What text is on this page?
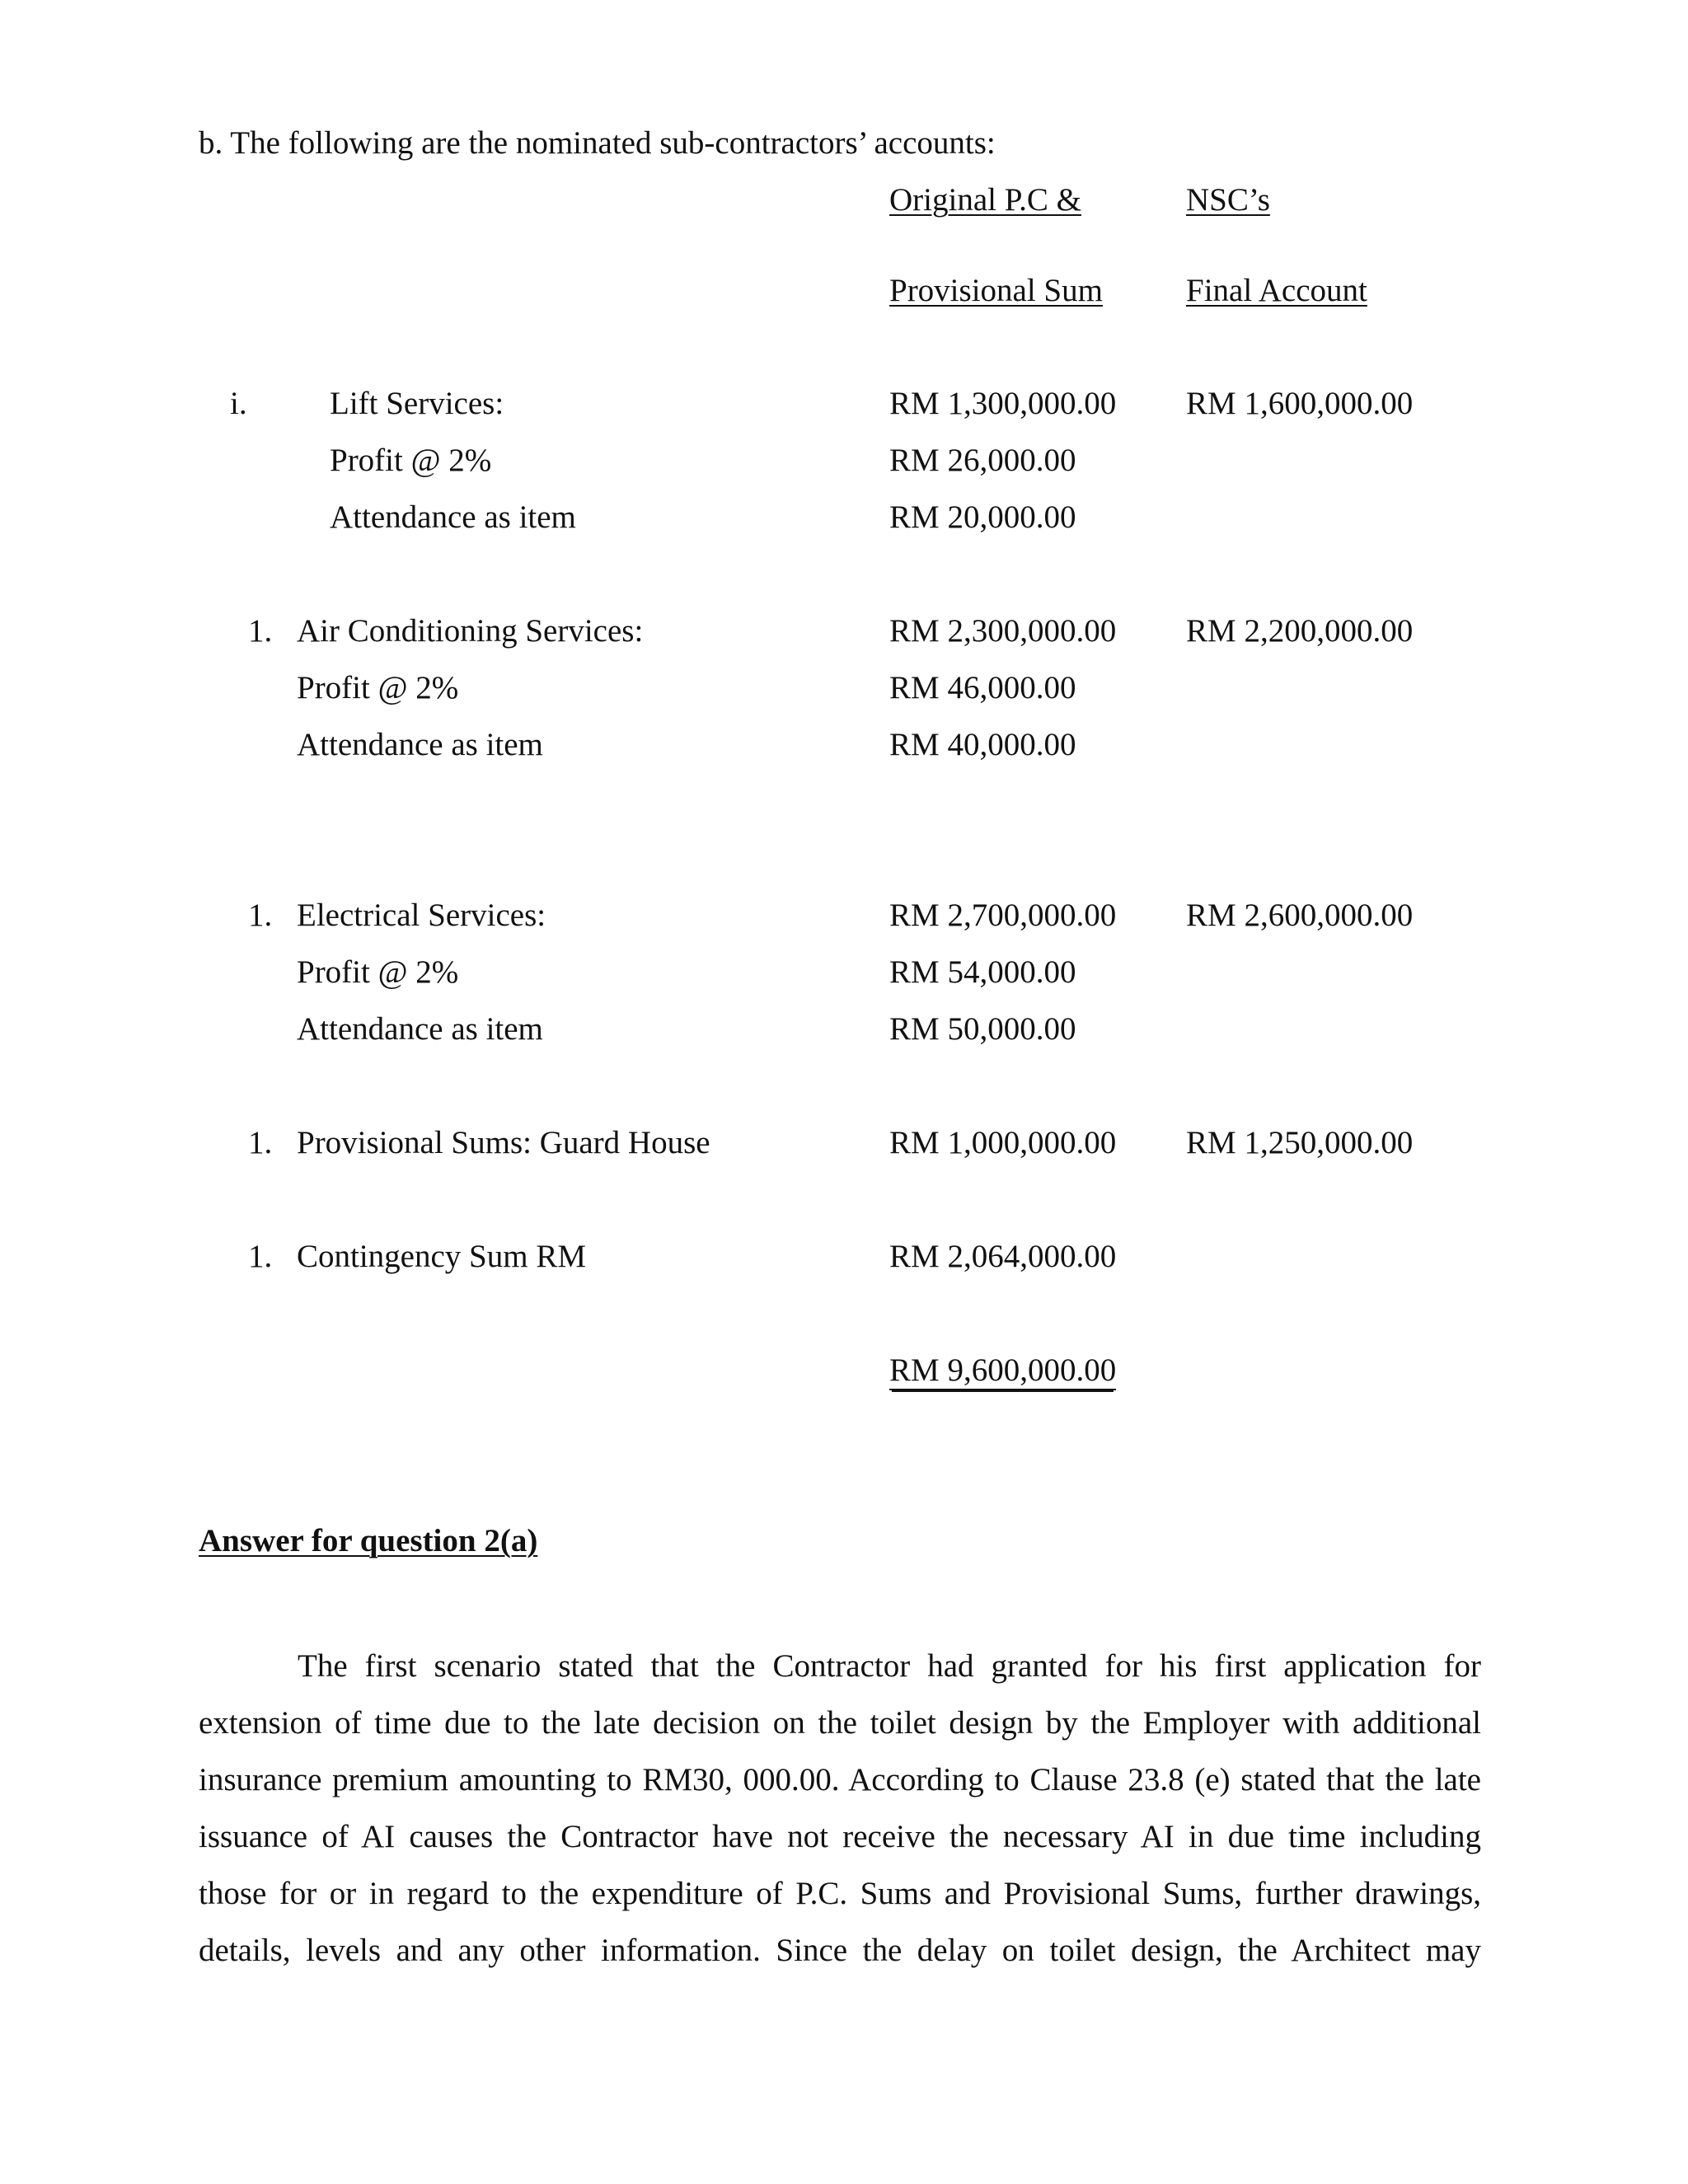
b. The following are the nominated sub-contractors’ accounts:
Original P.C &	NSC’s
Provisional Sum	Final Account
i.	Lift Services:	RM 1,300,000.00 RM 1,600,000.00
Profit @ 2%	RM 26,000.00
Attendance as item	RM 20,000.00
1. Air Conditioning Services:	RM 2,300,000.00 RM 2,200,000.00
Profit @ 2%	RM 46,000.00
Attendance as item	RM 40,000.00
1. Electrical Services:	RM 2,700,000.00 RM 2,600,000.00
Profit @ 2%	RM 54,000.00
Attendance as item	RM 50,000.00
1. Provisional Sums: Guard House	RM 1,000,000.00 RM 1,250,000.00
1. Contingency Sum RM	RM 2,064,000.00
RM 9,600,000.00
Answer for question 2(a)
The first scenario stated that the Contractor had granted for his first application for
extension of time due to the late decision on the toilet design by the Employer with additional
insurance premium amounting to RM30, 000.00. According to Clause 23.8 (e) stated that the late
issuance of AI causes the Contractor have not receive the necessary AI in due time including
those for or in regard to the expenditure of P.C. Sums and Provisional Sums, further drawings,
details, levels and any other information. Since the delay on toilet design, the Architect may
